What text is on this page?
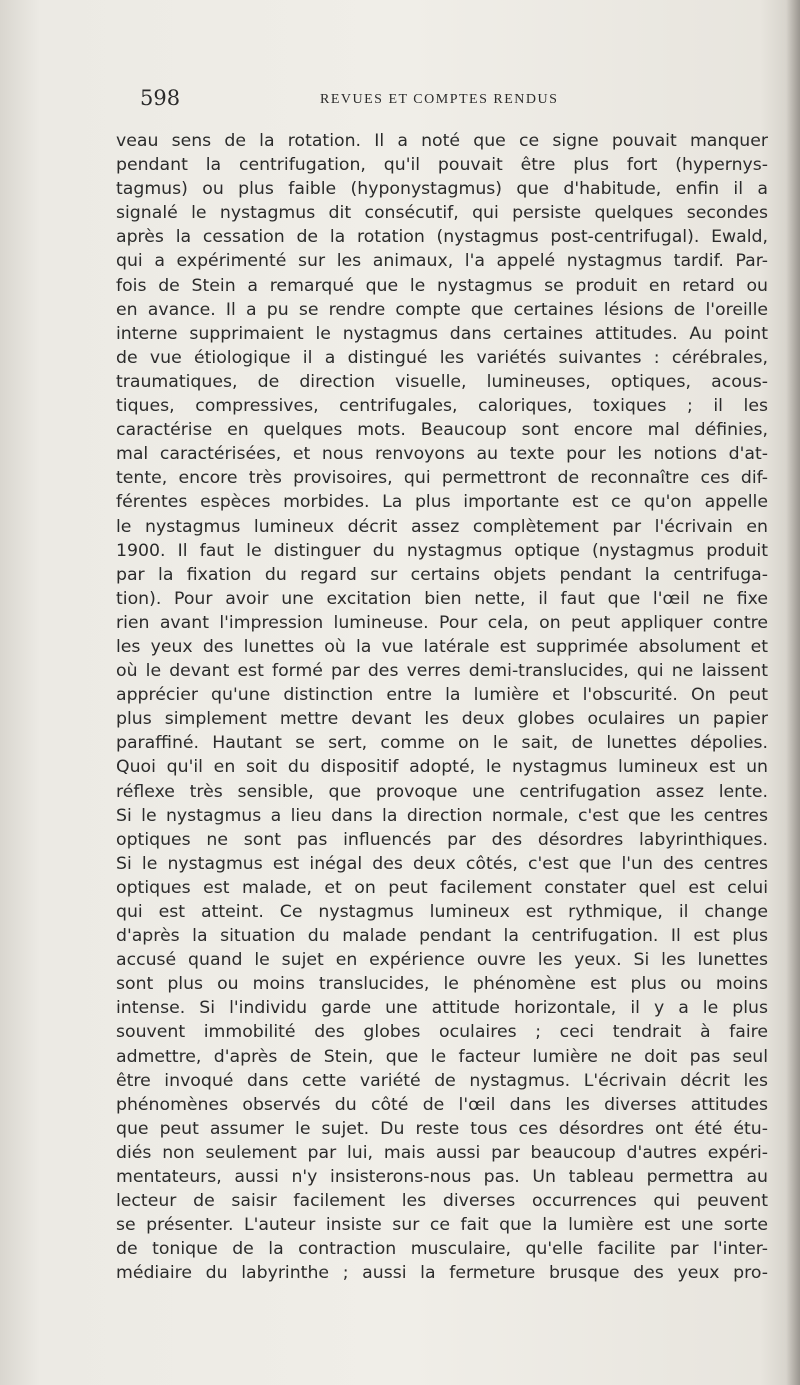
598	REVUES ET COMPTES RENDUS
veau sens de la rotation. Il a noté que ce signe pouvait manquer
pendant la centrifugation, qu'il pouvait être plus fort (hypernys-
tagmus) ou plus faible (hyponystagmus) que d'habitude, enfin il a
signalé le nystagmus dit consécutif, qui persiste quelques secondes
après la cessation de la rotation (nystagmus post-centrifugal). Ewald,
qui a expérimenté sur les animaux, l'a appelé nystagmus tardif. Par-
fois de Stein a remarqué que le nystagmus se produit en retard ou
en avance. Il a pu se rendre compte que certaines lésions de l'oreille
interne supprimaient le nystagmus dans certaines attitudes. Au point
de vue étiologique il a distingué les variétés suivantes : cérébrales,
traumatiques, de direction visuelle, lumineuses, optiques, acous-
tiques, compressives, centrifugales, caloriques, toxiques ; il les
caractérise en quelques mots. Beaucoup sont encore mal définies,
mal caractérisées, et nous renvoyons au texte pour les notions d'at-
tente, encore très provisoires, qui permettront de reconnaître ces dif-
férentes espèces morbides. La plus importante est ce qu'on appelle
le nystagmus lumineux décrit assez complètement par l'écrivain en
1900. Il faut le distinguer du nystagmus optique (nystagmus produit
par la fixation du regard sur certains objets pendant la centrifuga-
tion). Pour avoir une excitation bien nette, il faut que l'œil ne fixe
rien avant l'impression lumineuse. Pour cela, on peut appliquer contre
les yeux des lunettes où la vue latérale est supprimée absolument et
où le devant est formé par des verres demi-translucides, qui ne laissent
apprécier qu'une distinction entre la lumière et l'obscurité. On peut
plus simplement mettre devant les deux globes oculaires un papier
paraffiné. Hautant se sert, comme on le sait, de lunettes dépolies.
Quoi qu'il en soit du dispositif adopté, le nystagmus lumineux est un
réflexe très sensible, que provoque une centrifugation assez lente.
Si le nystagmus a lieu dans la direction normale, c'est que les centres
optiques ne sont pas influencés par des désordres labyrinthiques.
Si le nystagmus est inégal des deux côtés, c'est que l'un des centres
optiques est malade, et on peut facilement constater quel est celui
qui est atteint. Ce nystagmus lumineux est rythmique, il change
d'après la situation du malade pendant la centrifugation. Il est plus
accusé quand le sujet en expérience ouvre les yeux. Si les lunettes
sont plus ou moins translucides, le phénomène est plus ou moins
intense. Si l'individu garde une attitude horizontale, il y a le plus
souvent immobilité des globes oculaires ; ceci tendrait à faire
admettre, d'après de Stein, que le facteur lumière ne doit pas seul
être invoqué dans cette variété de nystagmus. L'écrivain décrit les
phénomènes observés du côté de l'œil dans les diverses attitudes
que peut assumer le sujet. Du reste tous ces désordres ont été étu-
diés non seulement par lui, mais aussi par beaucoup d'autres expéri-
mentateurs, aussi n'y insisterons-nous pas. Un tableau permettra au
lecteur de saisir facilement les diverses occurrences qui peuvent
se présenter. L'auteur insiste sur ce fait que la lumière est une sorte
de tonique de la contraction musculaire, qu'elle facilite par l'inter-
médiaire du labyrinthe ; aussi la fermeture brusque des yeux pro-
